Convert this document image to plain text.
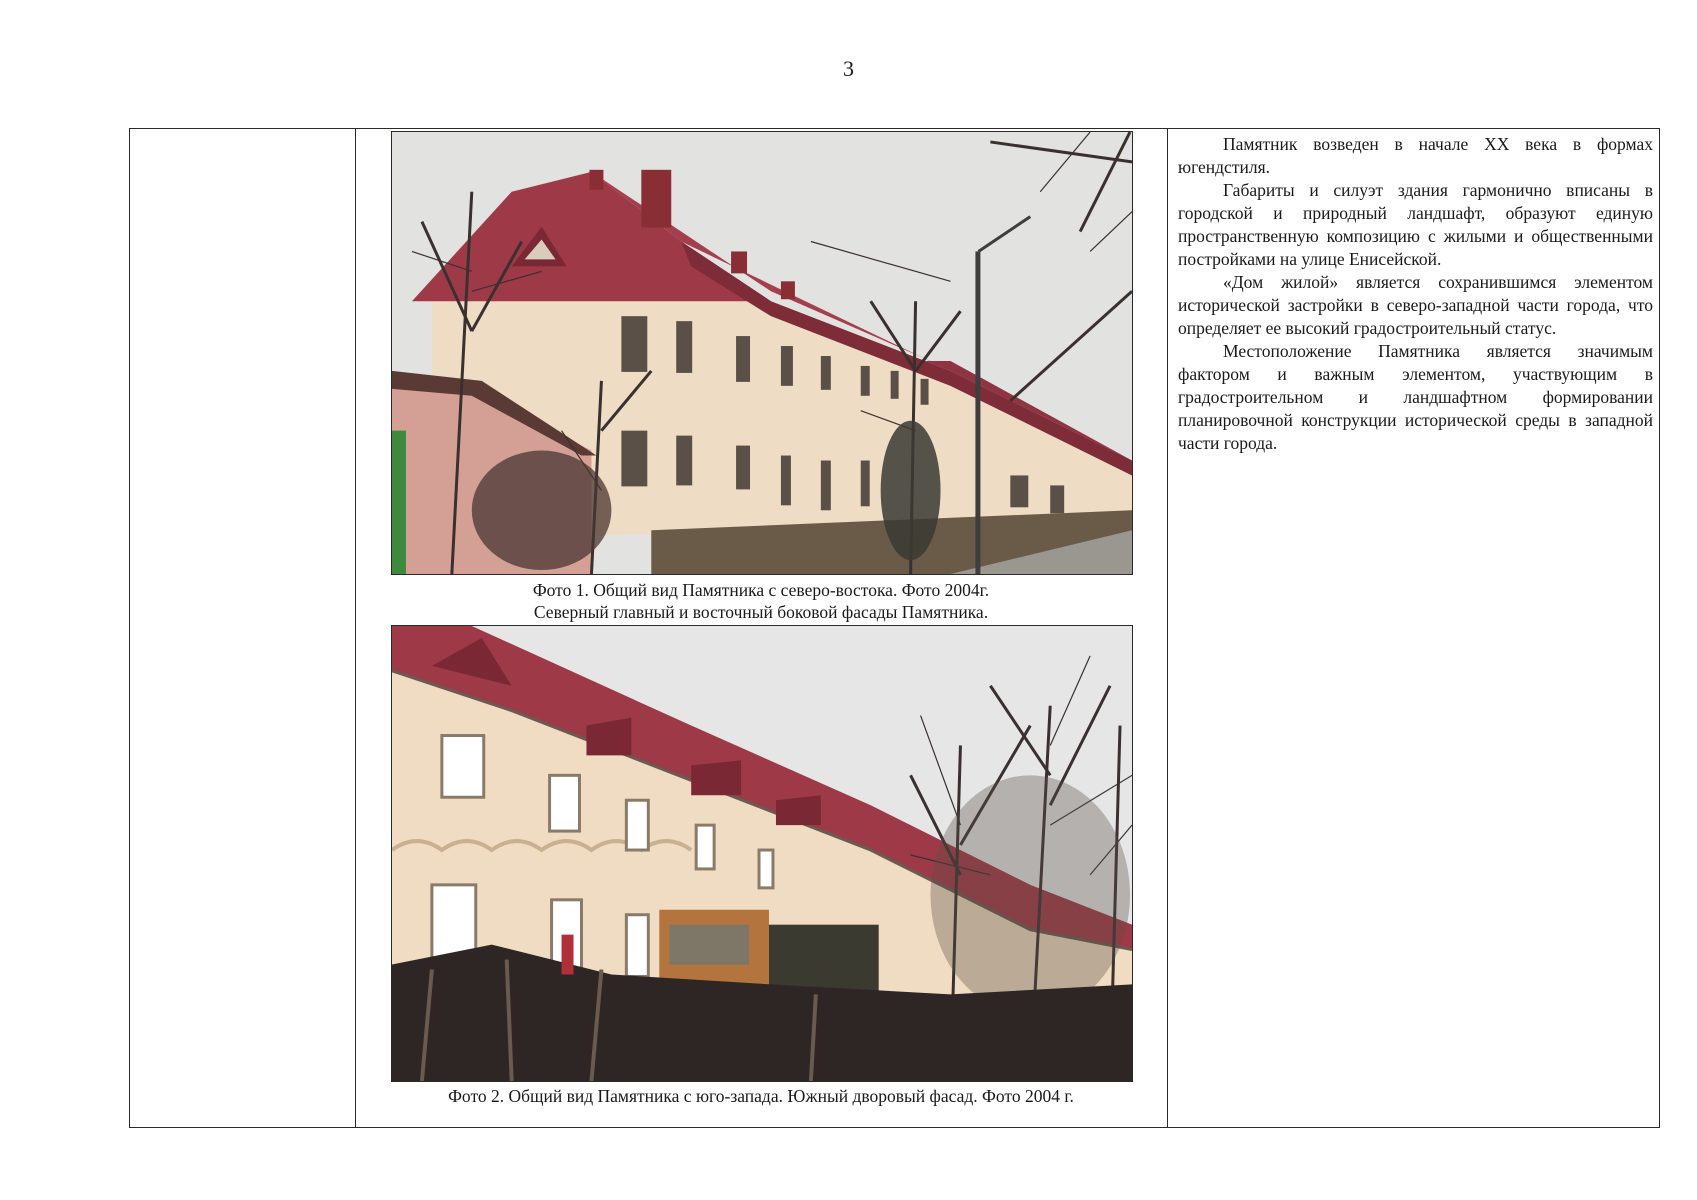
3
Фото 1. Общий вид Памятника с северо-востока. Фото 2004г.
Северный главный и восточный боковой фасады Памятника.
Фото 2. Общий вид Памятника с юго-запада. Южный дворовый фасад. Фото 2004 г.

Памятник возведен в начале XX века в формах югендстиля.

Габариты и силуэт здания гармонично вписаны в городской и природный ландшафт, образуют единую пространственную композицию с жилыми и общественными постройками на улице Енисейской.

«Дом жилой» является сохранившимся элементом исторической застройки в северо-западной части города, что определяет ее высокий градостроительный статус.

Местоположение Памятника является значимым фактором и важным элементом, участвующим в градостроительном и ландшафтном формировании планировочной конструкции исторической среды в западной части города.
